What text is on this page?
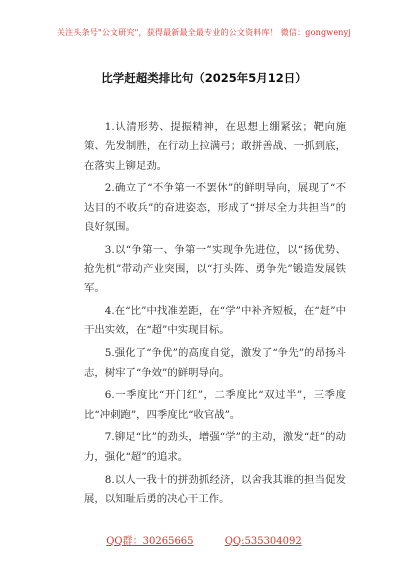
关注头条号"公文研究"，获得最新最全最专业的公文资料库！ 微信：gongwenyj
比学赶超类排比句（2025年5月12日）

1.认清形势、提振精神，在思想上绷紧弦；靶向施策、先发制胜，在行动上拉满弓；敢拼善战、一抓到底，在落实上铆足劲。

2.确立了“不争第一不罢休”的鲜明导向，展现了“不达目的不收兵”的奋进姿态，形成了“拼尽全力共担当”的良好氛围。

3.以“争第一、争第一”实现争先进位，以“扬优势、抢先机”带动产业突围，以“打头阵、勇争先”锻造发展铁军。

4.在“比”中找准差距，在“学”中补齐短板，在“赶”中干出实效，在“超”中实现目标。

5.强化了“争优”的高度自觉，激发了“争先”的昂扬斗志，树牢了“争效”的鲜明导向。

6.一季度比“开门红”，二季度比“双过半”，三季度比“冲刺跑”，四季度比“收官战”。

7.铆足“比”的劲头，增强“学”的主动，激发“赶”的动力，强化“超”的追求。

8.以人一我十的拼劲抓经济，以舍我其谁的担当促发展，以知耻后勇的决心干工作。

QQ群：30265665	QQ:535304092
